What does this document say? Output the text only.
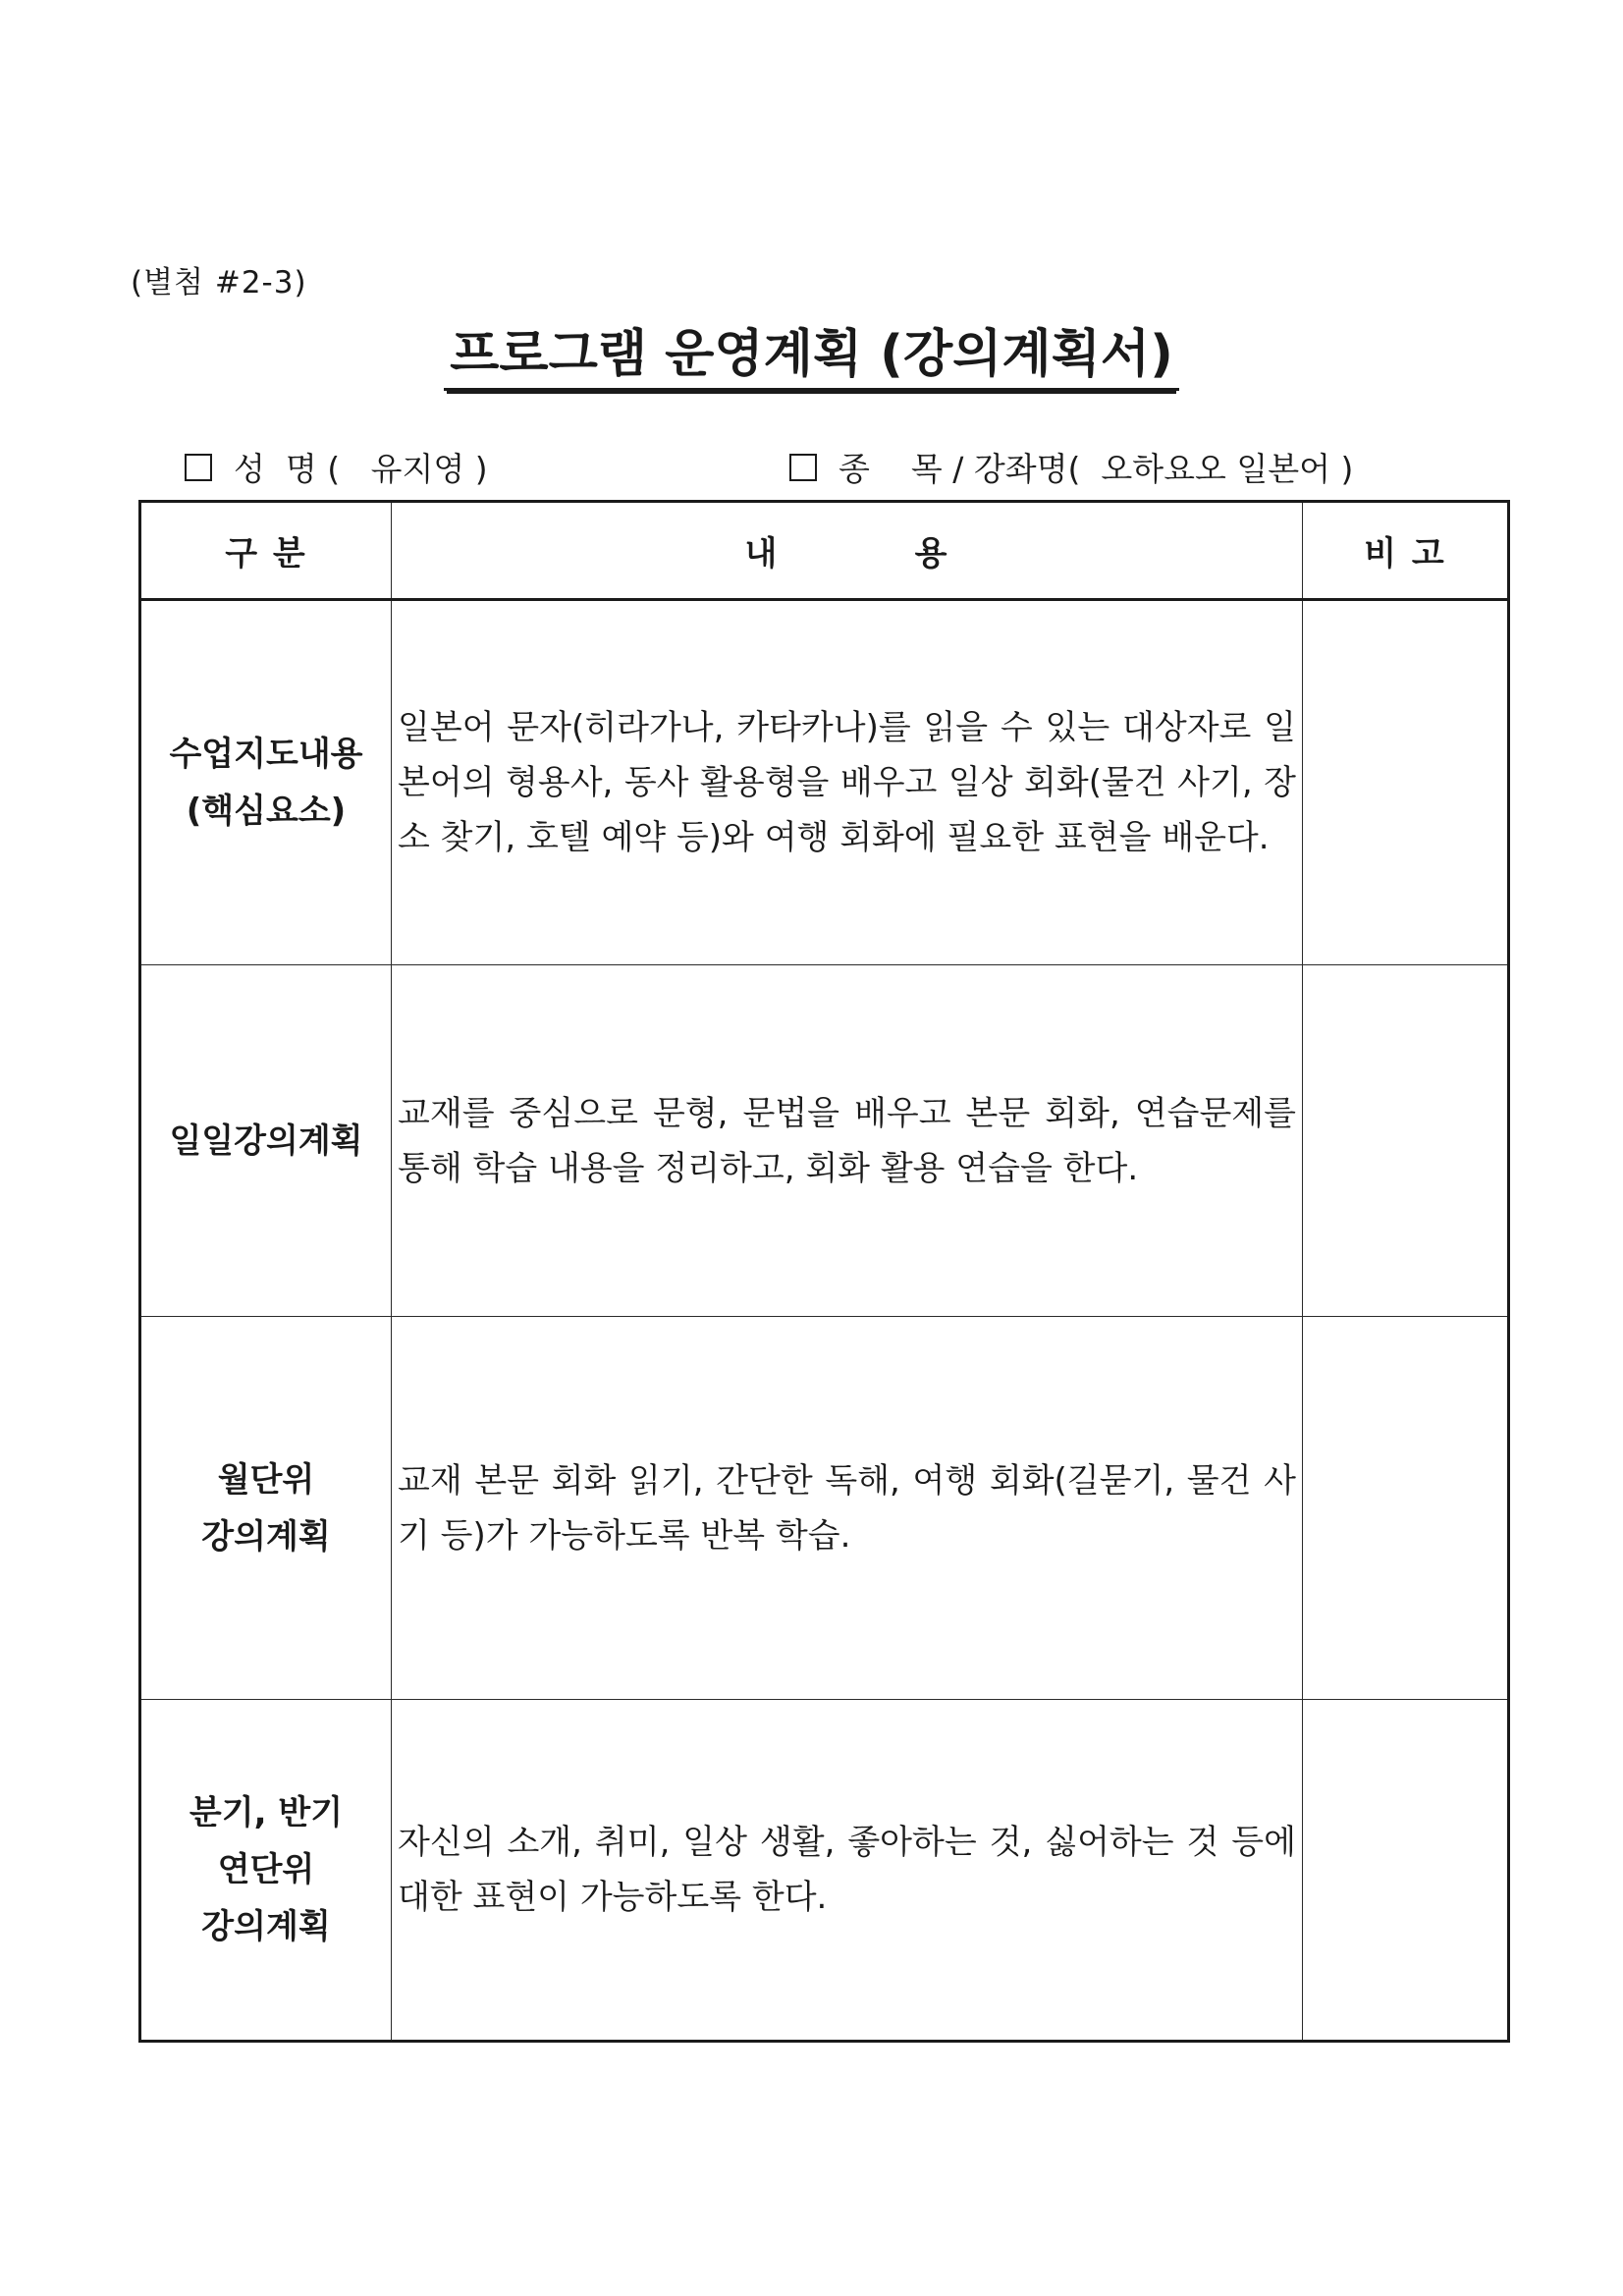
(별첨 #2-3)
프로그램 운영계획 (강의계획서)
성  명 ( 유지영 )	종    목 / 강좌명( 오하요오 일본어 )
구 분	내          용	비 고

수업지도내용
(핵심요소)	일본어 문자(히라가나, 카타카나)를 읽을 수 있는 대상자로 일본어의 형용사, 동사 활용형을 배우고 일상 회화(물건 사기, 장소 찾기, 호텔 예약 등)와 여행 회화에 필요한 표현을 배운다.	

일일강의계획	교재를 중심으로 문형, 문법을 배우고 본문 회화, 연습문제를 통해 학습 내용을 정리하고, 회화 활용 연습을 한다.	

월단위
강의계획	교재 본문 회화 읽기, 간단한 독해, 여행 회화(길묻기, 물건 사기 등)가 가능하도록 반복 학습.	

분기, 반기
연단위
강의계획	자신의 소개, 취미, 일상 생활, 좋아하는 것, 싫어하는 것 등에 대한 표현이 가능하도록 한다.	
